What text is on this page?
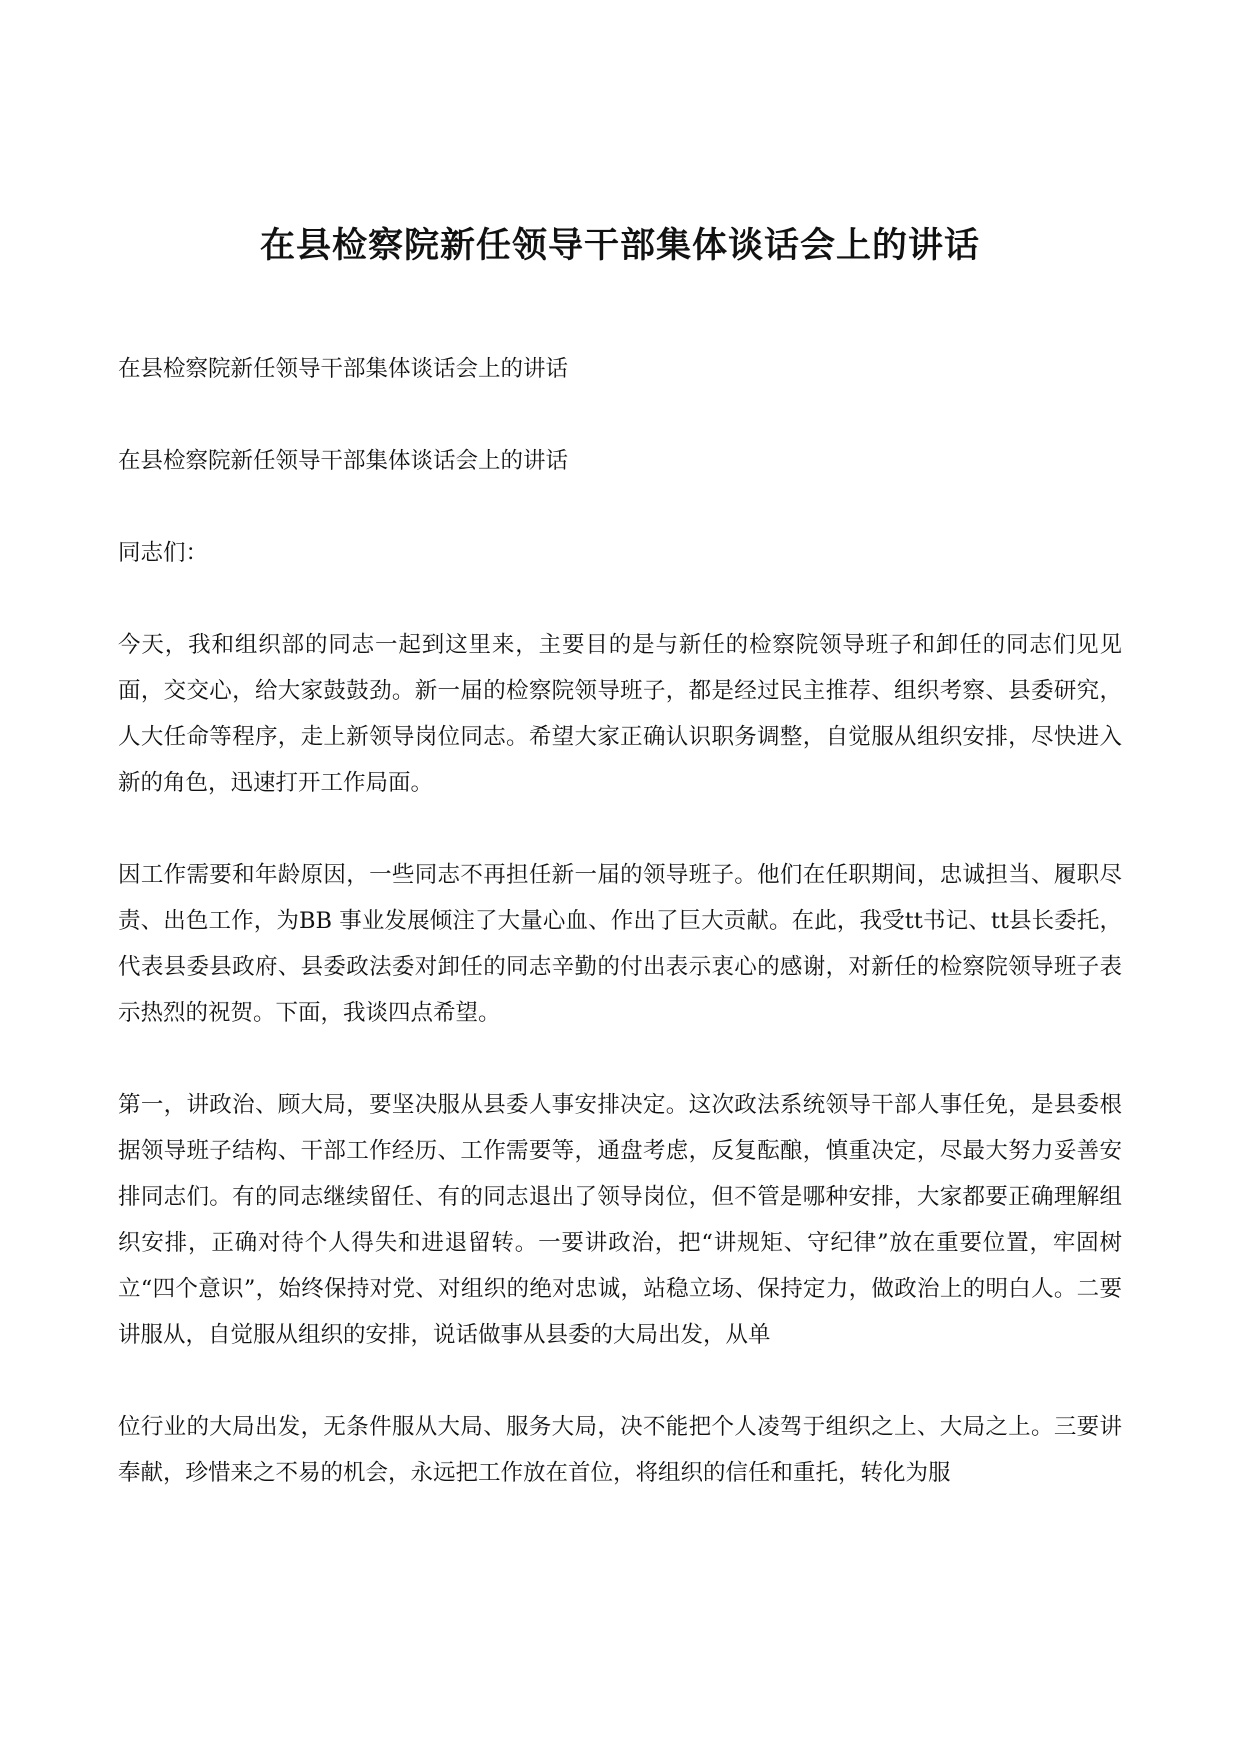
在县检察院新任领导干部集体谈话会上的讲话

在县检察院新任领导干部集体谈话会上的讲话

在县检察院新任领导干部集体谈话会上的讲话

同志们：

今天，我和组织部的同志一起到这里来，主要目的是与新任的检察院领导班子和卸任的同志们见见面，交交心，给大家鼓鼓劲。新一届的检察院领导班子，都是经过民主推荐、组织考察、县委研究，人大任命等程序，走上新领导岗位同志。希望大家正确认识职务调整，自觉服从组织安排，尽快进入新的角色，迅速打开工作局面。

因工作需要和年龄原因，一些同志不再担任新一届的领导班子。他们在任职期间，忠诚担当、履职尽责、出色工作，为BB 事业发展倾注了大量心血、作出了巨大贡献。在此，我受tt书记、tt县长委托，代表县委县政府、县委政法委对卸任的同志辛勤的付出表示衷心的感谢，对新任的检察院领导班子表示热烈的祝贺。下面，我谈四点希望。

第一，讲政治、顾大局，要坚决服从县委人事安排决定。这次政法系统领导干部人事任免，是县委根据领导班子结构、干部工作经历、工作需要等，通盘考虑，反复酝酿，慎重决定，尽最大努力妥善安排同志们。有的同志继续留任、有的同志退出了领导岗位，但不管是哪种安排，大家都要正确理解组织安排，正确对待个人得失和进退留转。一要讲政治，把“讲规矩、守纪律”放在重要位置，牢固树立“四个意识”，始终保持对党、对组织的绝对忠诚，站稳立场、保持定力，做政治上的明白人。二要讲服从，自觉服从组织的安排，说话做事从县委的大局出发，从单

位行业的大局出发，无条件服从大局、服务大局，决不能把个人凌驾于组织之上、大局之上。三要讲奉献，珍惜来之不易的机会，永远把工作放在首位，将组织的信任和重托，转化为服
